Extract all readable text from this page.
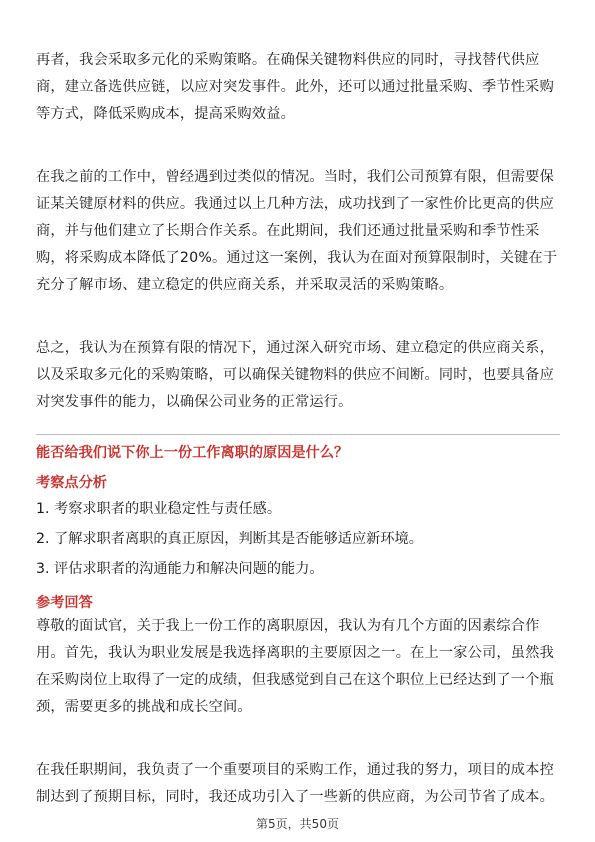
再者，我会采取多元化的采购策略。在确保关键物料供应的同时，寻找替代供应商，建立备选供应链，以应对突发事件。此外，还可以通过批量采购、季节性采购等方式，降低采购成本，提高采购效益。

在我之前的工作中，曾经遇到过类似的情况。当时，我们公司预算有限，但需要保证某关键原材料的供应。我通过以上几种方法，成功找到了一家性价比更高的供应商，并与他们建立了长期合作关系。在此期间，我们还通过批量采购和季节性采购，将采购成本降低了20%。通过这一案例，我认为在面对预算限制时，关键在于充分了解市场、建立稳定的供应商关系，并采取灵活的采购策略。

总之，我认为在预算有限的情况下，通过深入研究市场、建立稳定的供应商关系，以及采取多元化的采购策略，可以确保关键物料的供应不间断。同时，也要具备应对突发事件的能力，以确保公司业务的正常运行。

能否给我们说下你上一份工作离职的原因是什么？

考察点分析

1. 考察求职者的职业稳定性与责任感。

2. 了解求职者离职的真正原因，判断其是否能够适应新环境。

3. 评估求职者的沟通能力和解决问题的能力。

参考回答

尊敬的面试官，关于我上一份工作的离职原因，我认为有几个方面的因素综合作用。首先，我认为职业发展是我选择离职的主要原因之一。在上一家公司，虽然我在采购岗位上取得了一定的成绩，但我感觉到自己在这个职位上已经达到了一个瓶颈，需要更多的挑战和成长空间。

在我任职期间，我负责了一个重要项目的采购工作，通过我的努力，项目的成本控制达到了预期目标，同时，我还成功引入了一些新的供应商，为公司节省了成本。

第5页，共50页
